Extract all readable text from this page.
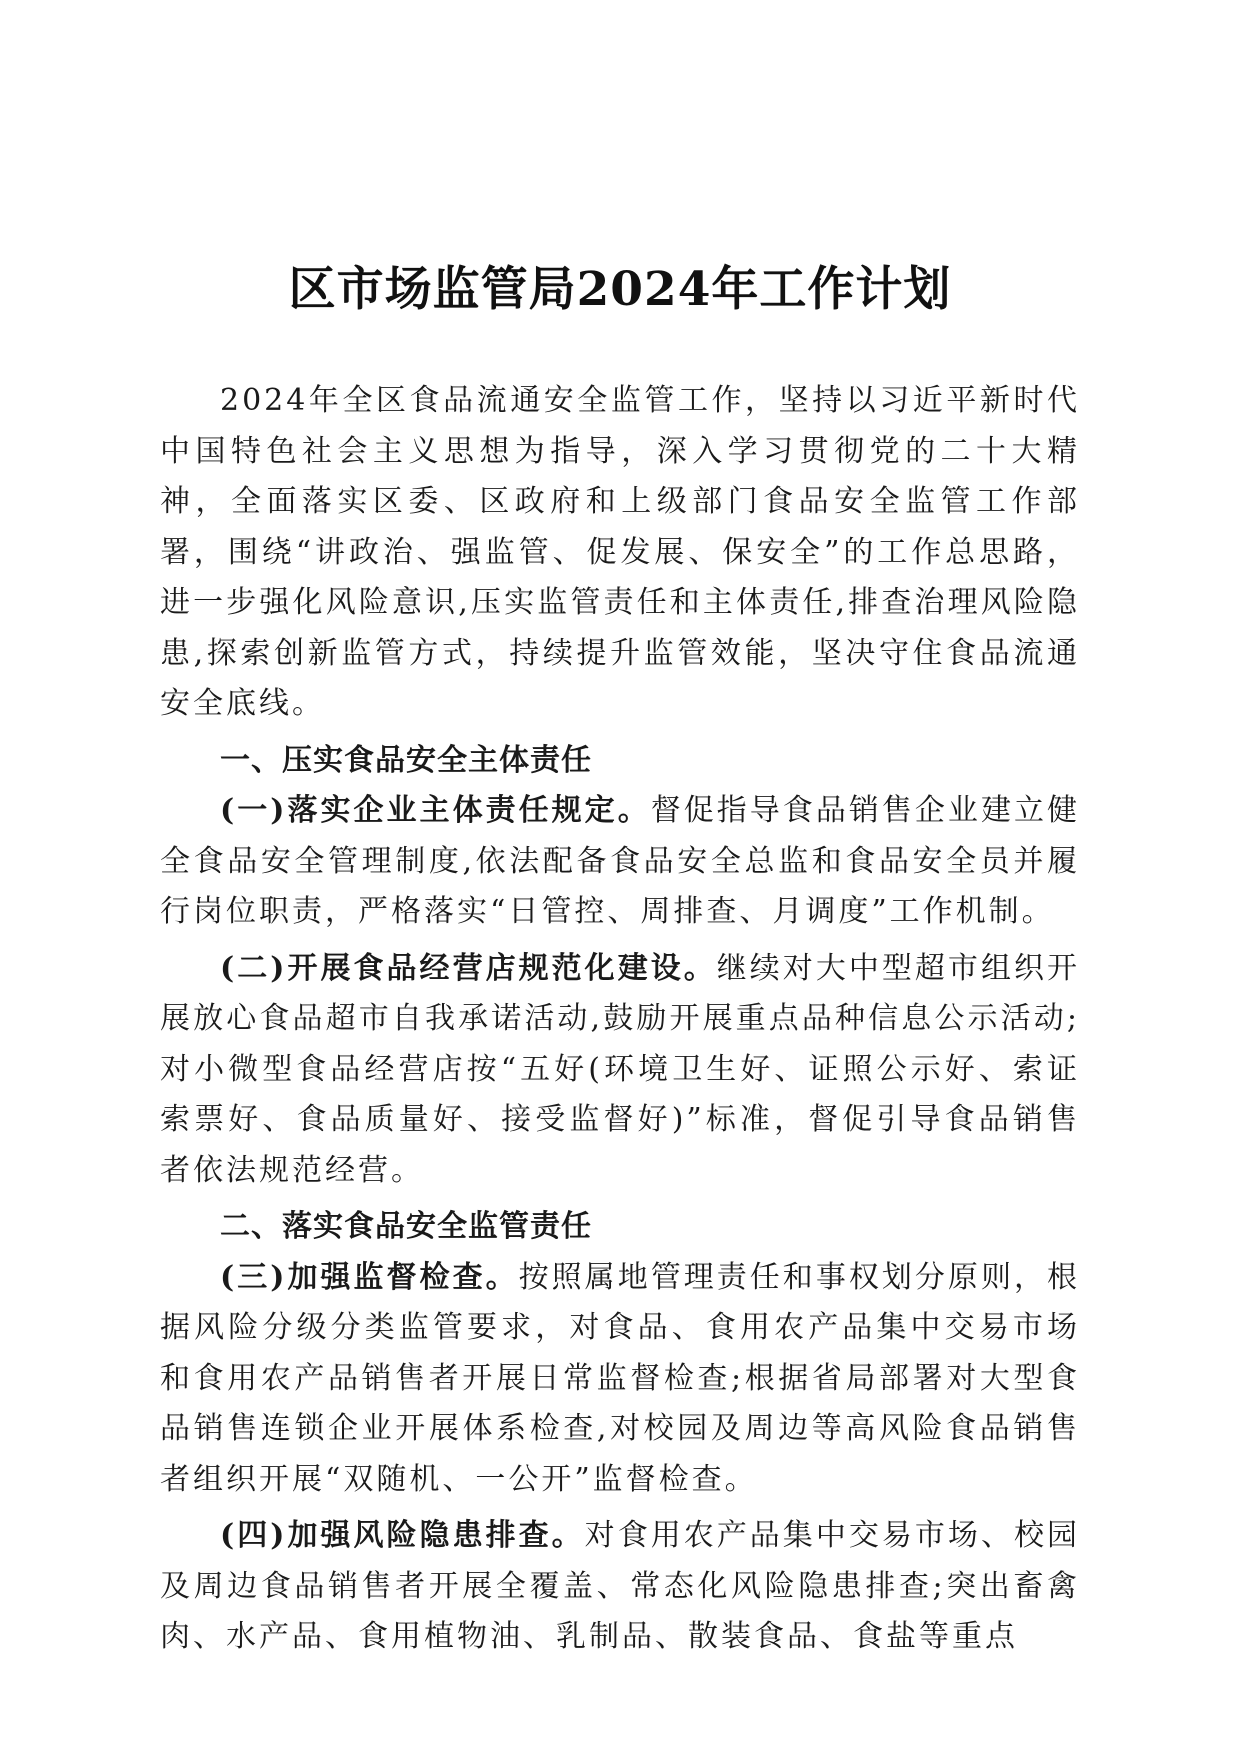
区市场监管局2024年工作计划

2024年全区食品流通安全监管工作，坚持以习近平新时代中国特色社会主义思想为指导，深入学习贯彻党的二十大精神，全面落实区委、区政府和上级部门食品安全监管工作部署，围绕“讲政治、强监管、促发展、保安全”的工作总思路，进一步强化风险意识,压实监管责任和主体责任,排查治理风险隐患,探索创新监管方式，持续提升监管效能，坚决守住食品流通安全底线。

一、压实食品安全主体责任

(一)落实企业主体责任规定。督促指导食品销售企业建立健全食品安全管理制度,依法配备食品安全总监和食品安全员并履行岗位职责，严格落实“日管控、周排查、月调度”工作机制。

(二)开展食品经营店规范化建设。继续对大中型超市组织开展放心食品超市自我承诺活动,鼓励开展重点品种信息公示活动;对小微型食品经营店按“五好(环境卫生好、证照公示好、索证索票好、食品质量好、接受监督好)”标准，督促引导食品销售者依法规范经营。

二、落实食品安全监管责任

(三)加强监督检查。按照属地管理责任和事权划分原则，根据风险分级分类监管要求，对食品、食用农产品集中交易市场和食用农产品销售者开展日常监督检查;根据省局部署对大型食品销售连锁企业开展体系检查,对校园及周边等高风险食品销售者组织开展“双随机、一公开”监督检查。

(四)加强风险隐患排查。对食用农产品集中交易市场、校园及周边食品销售者开展全覆盖、常态化风险隐患排查;突出畜禽肉、水产品、食用植物油、乳制品、散装食品、食盐等重点
